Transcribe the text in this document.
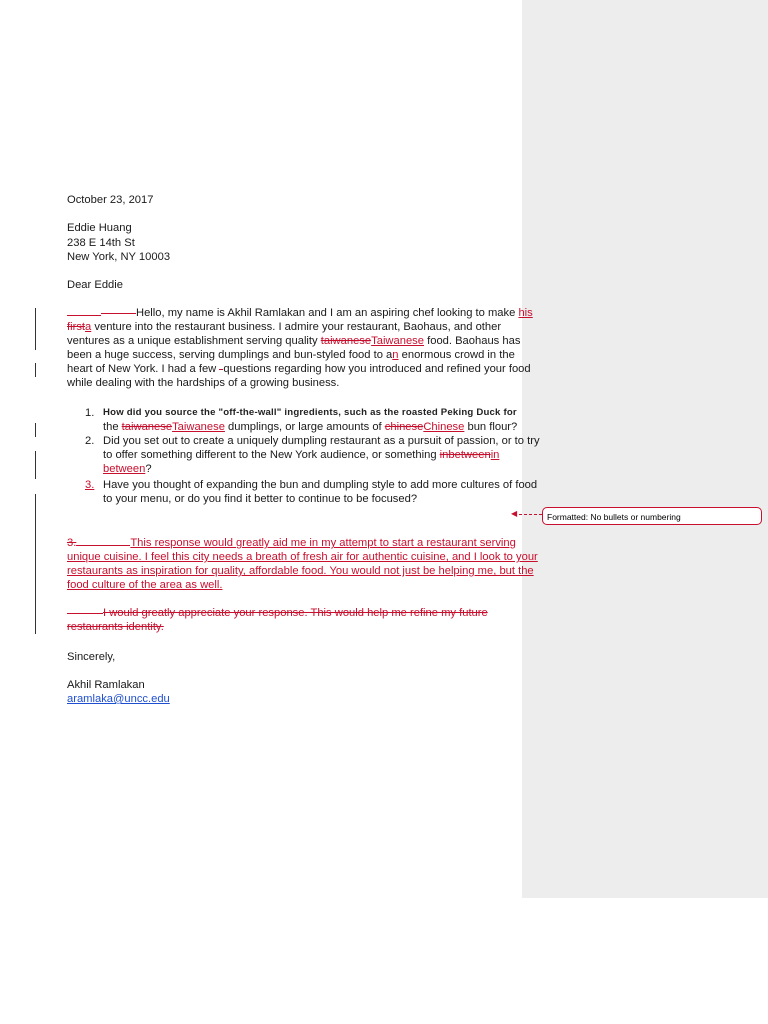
October 23, 2017
Eddie Huang
238 E 14th St
New York, NY 10003
Dear Eddie
Hello, my name is Akhil Ramlakan and I am an aspiring chef looking to make his
firsta venture into the restaurant business. I admire your restaurant, Baohaus, and other
ventures as a unique establishment serving quality taiwaneseTaiwanese food. Baohaus has
been a huge success, serving dumplings and bun-styled food to an enormous crowd in the
heart of New York. I had a few questions regarding how you introduced and refined your food
while dealing with the hardships of a growing business.
1. How did you source the "off-the-wall" ingredients, such as the roasted Peking Duck for
the taiwaneseTaiwanese dumplings, or large amounts of chineseChinese bun flour?
2. Did you set out to create a uniquely dumpling restaurant as a pursuit of passion, or to try
to offer something different to the New York audience, or something inbetweenin
between?
3. Have you thought of expanding the bun and dumpling style to add more cultures of food
to your menu, or do you find it better to continue to be focused?
3.	This response would greatly aid me in my attempt to start a restaurant serving
unique cuisine. I feel this city needs a breath of fresh air for authentic cuisine, and I look to your
restaurants as inspiration for quality, affordable food. You would not just be helping me, but the
food culture of the area as well.
I would greatly appreciate your response. This would help me refine my future
restaurants identity.
Sincerely,
Akhil Ramlakan
aramlaka@uncc.edu
◀	Formatted: No bullets or numbering
